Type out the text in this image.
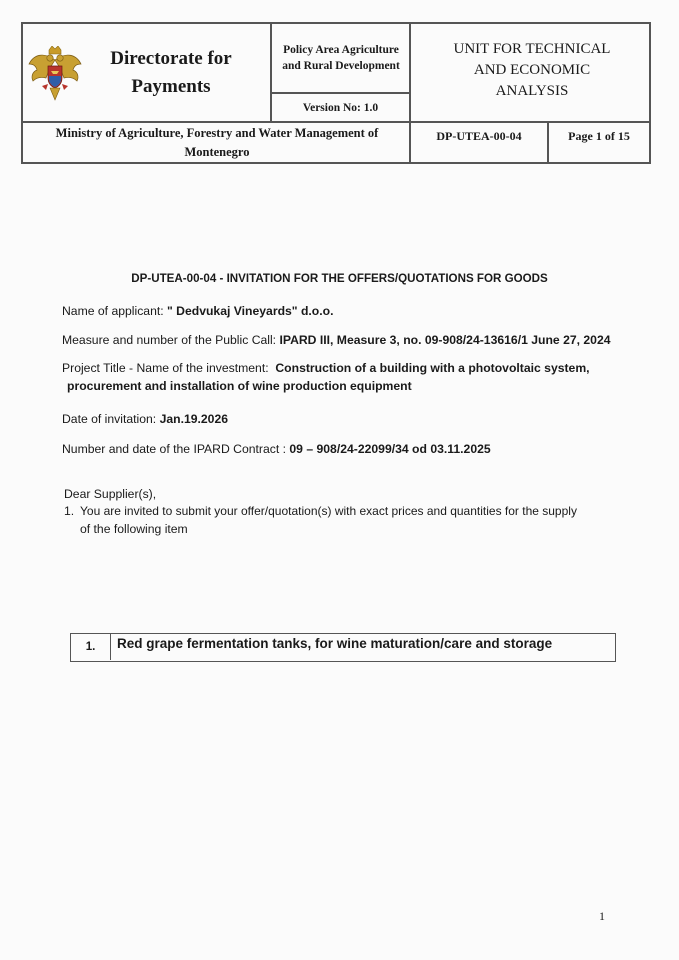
Directorate for Payments
Policy Area Agriculture and Rural Development
Version No: 1.0
UNIT FOR TECHNICAL AND ECONOMIC ANALYSIS
Ministry of Agriculture, Forestry and Water Management of Montenegro
DP-UTEA-00-04	Page 1 of 15
DP-UTEA-00-04 - INVITATION FOR THE OFFERS/QUOTATIONS FOR GOODS
Name of applicant: " Dedvukaj Vineyards" d.o.o.
Measure and number of the Public Call: IPARD III, Measure 3, no. 09-908/24-13616/1 June 27, 2024
Project Title - Name of the investment: Construction of a building with a photovoltaic system,
procurement and installation of wine production equipment
Date of invitation: Jan.19.2026
Number and date of the IPARD Contract : 09 – 908/24-22099/34 od 03.11.2025
Dear Supplier(s),
1. You are invited to submit your offer/quotation(s) with exact prices and quantities for the supply
of the following item
1. Red grape fermentation tanks, for wine maturation/care and storage
1
